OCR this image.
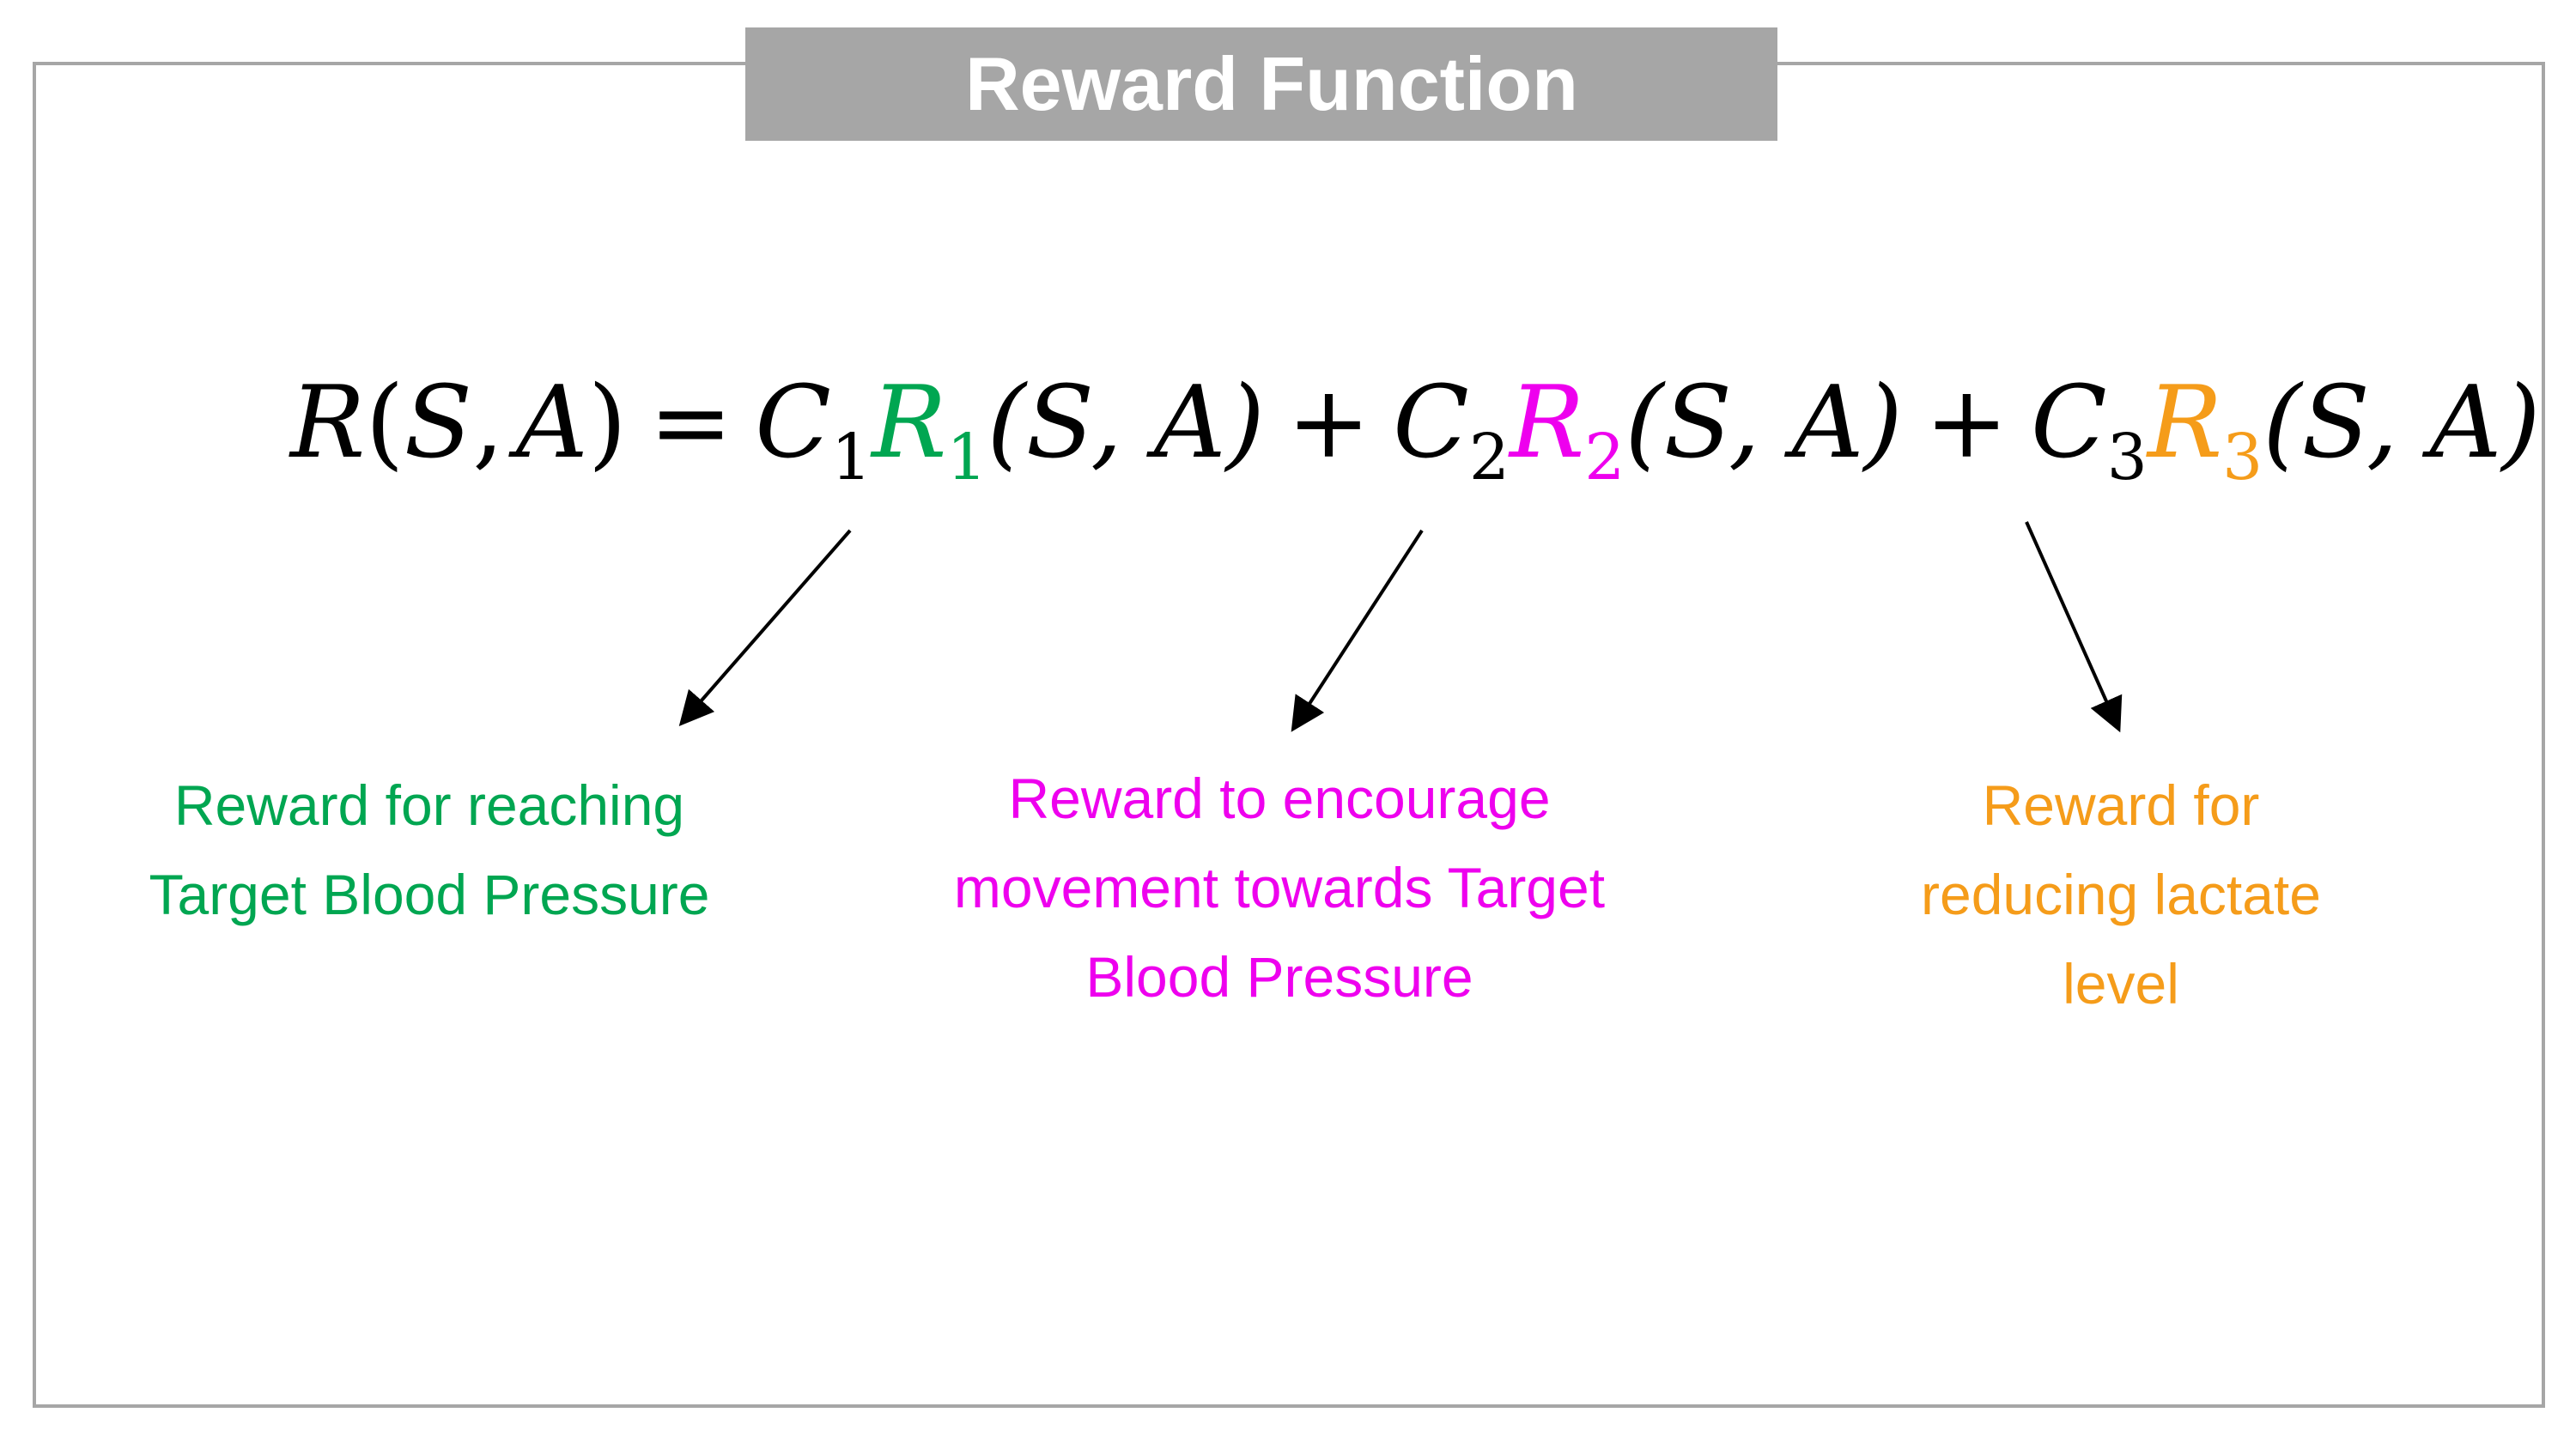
Reward Function
R(S, $A) = C_1R_1(S$, $A) + C_2R_2(S$, $A) + C_3R_3(S$, A)
Reward for reaching
Target Blood Pressure
Reward to encourage
movement towards Target
Blood Pressure
Reward for
reducing lactate
level
